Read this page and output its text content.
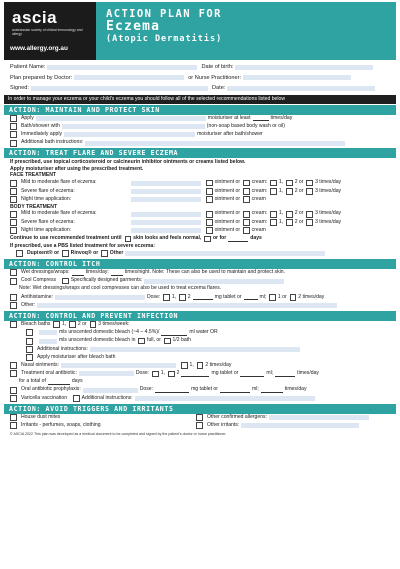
ascia
australasian society of clinical immunology and allergy
www.allergy.org.au
ACTION PLAN FOR
Eczema
(Atopic Dermatitis)
Patient Name:	Date of birth:
Plan prepared by Doctor:	or Nurse Practitioner:
Signed:	Date:
In order to manage your eczema or your child's eczema you should follow all of the selected recommendations listed below
ACTION: MAINTAIN AND PROTECT SKIN
Apply	moisturiser at least	times/day
Bath/shower with	(non-soap based body wash or oil)
Immediately apply	moisturiser after bath/shower
Additional bath instructions:
ACTION: TREAT FLARE AND SEVERE ECZEMA
If prescribed, use topical corticosteroid or calcineurin inhibitor ointments or creams listed below.
Apply moisturiser after using the prescribed treatment.
FACE TREATMENT
Mild to moderate flare of eczema:	ointment or cream: 1, 2 or 3 times/day
Severe flare of eczema:	ointment or cream: 1, 2 or 3 times/day
Night time application:	ointment or cream
BODY TREATMENT
Mild to moderate flare of eczema:	ointment or cream: 1, 2 or 3 times/day
Severe flare of eczema:	ointment or cream: 1, 2 or 3 times/day
Night time application:	ointment or cream
Continue to use recommended treatment until skin looks and feels normal, or for	days
If prescribed, use a PBS listed treatment for severe eczema:
Dupixent® or Rinvoq® or Other
ACTION: CONTROL ITCH
Wet dressings/wraps:	times/day:	times/night.
Note: These can also be used to maintain and protect skin.
Cool Compress	Specifically designed garments:
Note: Wet dressings/wraps and cool compresses can also be used to treat eczema flares.
Antihistamine:	Dose: 1, 2	mg tablet or	ml; 1 or 2 times/day
Other:
ACTION: CONTROL AND PREVENT INFECTION
Bleach baths 1, 2 or 3 times/week:
mls unscented domestic bleach (~4 – 4.5%)/	ml water OR
mls unscented domestic bleach in full, or 1/2 bath
Additional instructions:
Apply moisturiser after bleach bath
Nasal ointments:	1, 2 times/day
Treatment oral antibiotic:	Dose: 1, 2	mg tablet or	ml;	times/day
for a total of	days
Oral antibiotic prophylaxis:	Dose:	mg tablet or	ml;	times/day
Varicella vaccination	Additional instructions:
ACTION: AVOID TRIGGERS AND IRRITANTS
House dust mites	Other confirmed allergens:
Irritants - perfumes, soaps, clothing	Other irritants:
© ASCIA 2022 This plan was developed as a medical document to be completed and signed by the patient's doctor or nurse practitioner.
